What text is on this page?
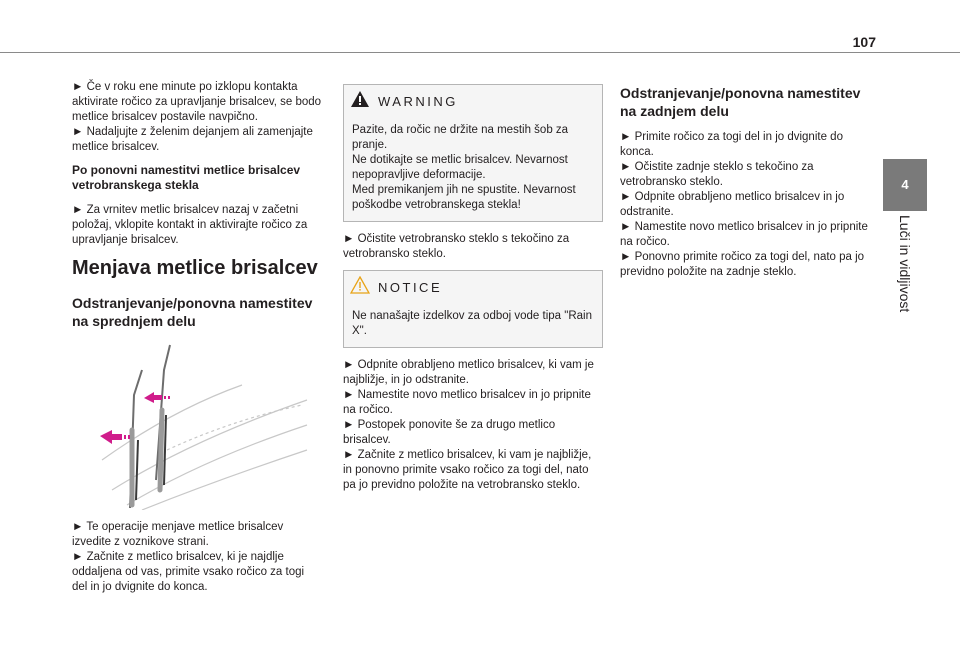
107
4
Luči in vidljivost

► Če v roku ene minute po izklopu kontakta aktivirate ročico za upravljanje brisalcev, se bodo metlice brisalcev postavile navpično.
► Nadaljujte z želenim dejanjem ali zamenjajte metlice brisalcev.

Po ponovni namestitvi metlice brisalcev vetrobranskega stekla

► Za vrnitev metlic brisalcev nazaj v začetni položaj, vklopite kontakt in aktivirajte ročico za upravljanje brisalcev.

Menjava metlice brisalcev
Odstranjevanje/ponovna namestitev na sprednjem delu

► Te operacije menjave metlice brisalcev izvedite z voznikove strani.
► Začnite z metlico brisalcev, ki je najdlje oddaljena od vas, primite vsako ročico za togi del in jo dvignite do konca.

WARNING
Pazite, da ročic ne držite na mestih šob za pranje.
Ne dotikajte se metlic brisalcev. Nevarnost nepopravljive deformacije.
Med premikanjem jih ne spustite. Nevarnost poškodbe vetrobranskega stekla!

► Očistite vetrobransko steklo s tekočino za vetrobransko steklo.

NOTICE
Ne nanašajte izdelkov za odboj vode tipa "Rain X".

► Odpnite obrabljeno metlico brisalcev, ki vam je najbližje, in jo odstranite.
► Namestite novo metlico brisalcev in jo pripnite na ročico.
► Postopek ponovite še za drugo metlico brisalcev.
► Začnite z metlico brisalcev, ki vam je najbližje, in ponovno primite vsako ročico za togi del, nato pa jo previdno položite na vetrobransko steklo.

Odstranjevanje/ponovna namestitev na zadnjem delu

► Primite ročico za togi del in jo dvignite do konca.
► Očistite zadnje steklo s tekočino za vetrobransko steklo.
► Odpnite obrabljeno metlico brisalcev in jo odstranite.
► Namestite novo metlico brisalcev in jo pripnite na ročico.
► Ponovno primite ročico za togi del, nato pa jo previdno položite na zadnje steklo.
